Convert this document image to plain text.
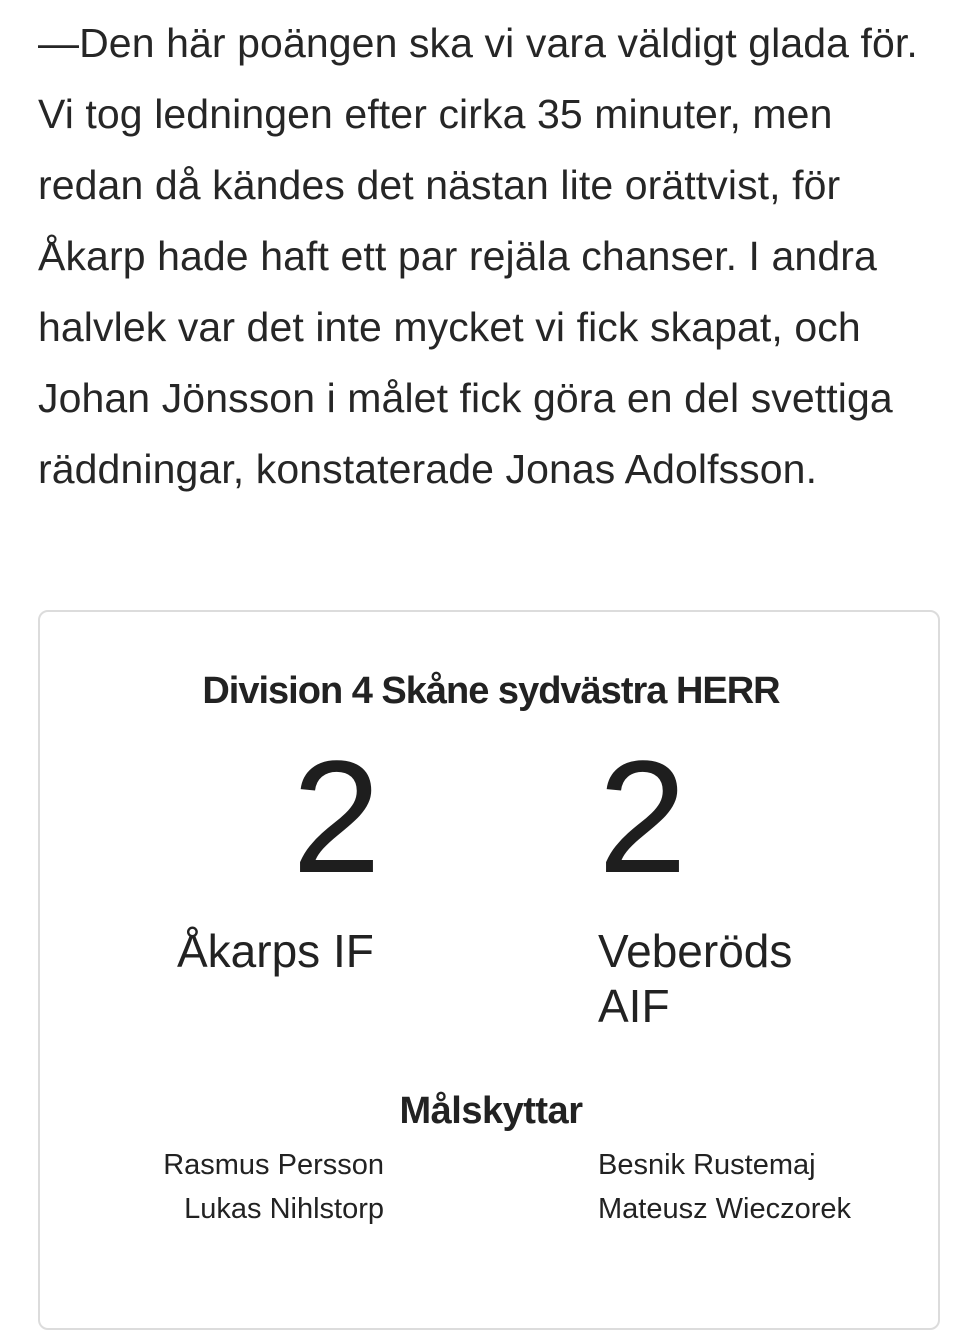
—Den här poängen ska vi vara väldigt glada för. Vi tog ledningen efter cirka 35 minuter, men redan då kändes det nästan lite orättvist, för Åkarp hade haft ett par rejäla chanser. I andra halvlek var det inte mycket vi fick skapat, och Johan Jönsson i målet fick göra en del svettiga räddningar, konstaterade Jonas Adolfsson.

Division 4 Skåne sydvästra HERR
2 2
Åkarps IF	Veberöds AIF
Målskyttar
Rasmus Persson
Lukas Nihlstorp
Besnik Rustemaj
Mateusz Wieczorek
